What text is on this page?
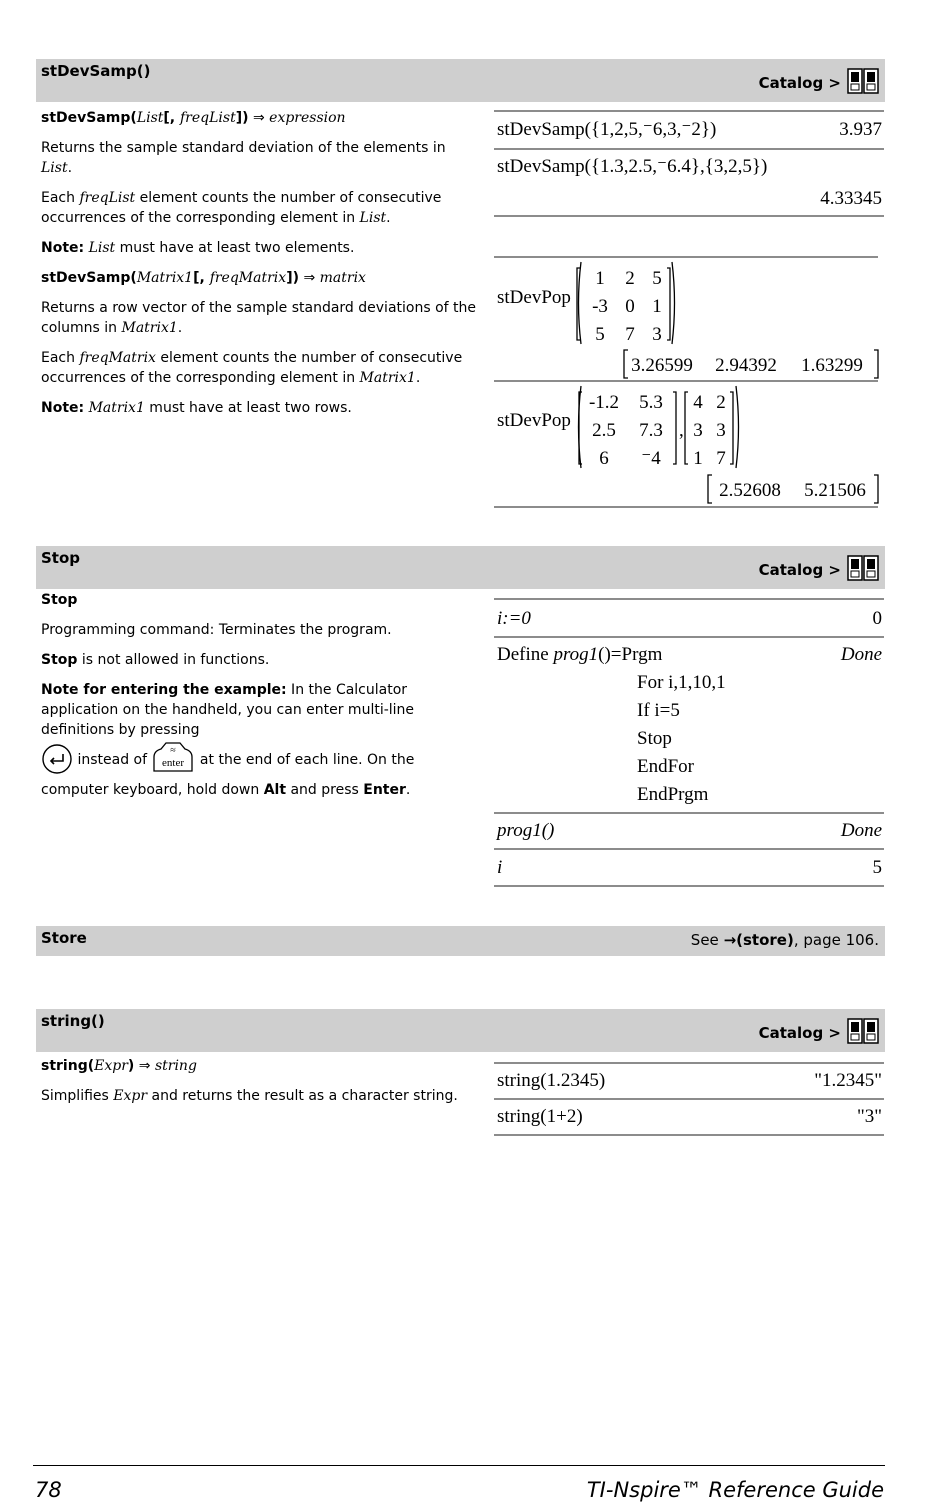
stDevSamp()
Catalog >

stDevSamp(List[, freqList]) ⇒ expression

Returns the sample standard deviation of the elements in List.

Each freqList element counts the number of consecutive occurrences of the corresponding element in List.

Note: List must have at least two elements.

stDevSamp(Matrix1[, freqMatrix]) ⇒ matrix

Returns a row vector of the sample standard deviations of the columns in Matrix1.

Each freqMatrix element counts the number of consecutive occurrences of the corresponding element in Matrix1.

Note: Matrix1 must have at least two rows.

stDevSamp({1,2,5,⁻6,3,⁻2})	3.937
stDevSamp({1.3,2.5,⁻6.4},{3,2,5})
4.33345
stDevPop
1 2 5
-3 0 1
5 7 3
3.26599 2.94392 1.63299
stDevPop	,
-1.2 5.3
2.5 7.3
6 ⁻4
4 2
3 3
1 7
2.52608 5.21506
Stop
Catalog >

Stop

Programming command: Terminates the program.

Stop is not allowed in functions.

Note for entering the example: In the Calculator application on the handheld, you can enter multi-line definitions by pressing
instead of
≈
enter at the end of each line. On the computer keyboard, hold down Alt and press Enter.

i:=0	0
Define prog1()=Prgm	Done
For i,1,10,1
If i=5
Stop
EndFor
EndPrgm
prog1()	Done
i	5
Store	See
→ (store) , page 106.
string()
Catalog >

string(Expr) ⇒ string

Simplifies Expr and returns the result as a character string.

string(1.2345)	"1.2345"
string(1+2)	"3"
78	TI-Nspire™ Reference Guide
